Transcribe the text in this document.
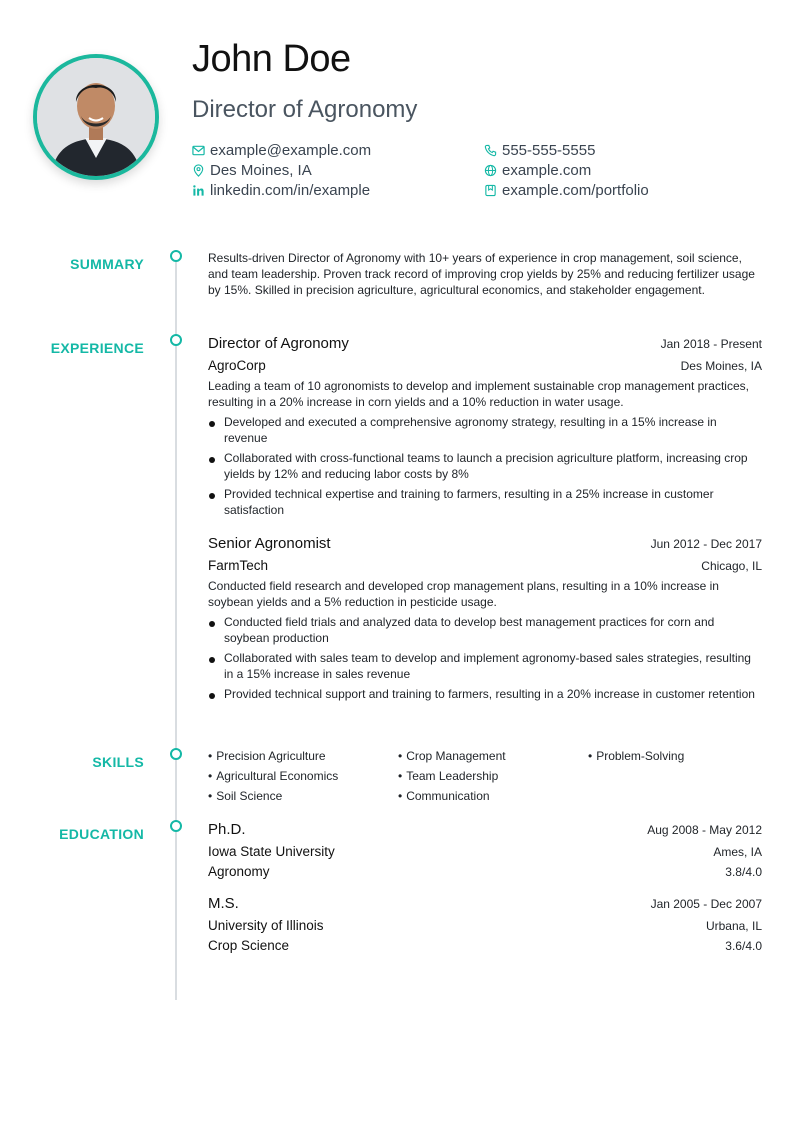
John Doe
Director of Agronomy
example@example.com	555-555-5555
Des Moines, IA	example.com
linkedin.com/in/example	example.com/portfolio
SUMMARY	Results-driven Director of Agronomy with 10+ years of experience in crop management, soil science, and team leadership. Proven track record of improving crop yields by 25% and reducing fertilizer usage by 15%. Skilled in precision agriculture, agricultural economics, and stakeholder engagement.

EXPERIENCE	Director of Agronomy	Jan 2018 - Present
AgroCorp	Des Moines, IA

Leading a team of 10 agronomists to develop and implement sustainable crop management practices, resulting in a 20% increase in corn yields and a 10% reduction in water usage.

Developed and executed a comprehensive agronomy strategy, resulting in a 15% increase in revenue
Collaborated with cross-functional teams to launch a precision agriculture platform, increasing crop yields by 12% and reducing labor costs by 8%
Provided technical expertise and training to farmers, resulting in a 25% increase in customer satisfaction
Senior Agronomist	Jun 2012 - Dec 2017
FarmTech	Chicago, IL

Conducted field research and developed crop management plans, resulting in a 10% increase in soybean yields and a 5% reduction in pesticide usage.

Conducted field trials and analyzed data to develop best management practices for corn and soybean production
Collaborated with sales team to develop and implement agronomy-based sales strategies, resulting in a 15% increase in sales revenue
Provided technical support and training to farmers, resulting in a 20% increase in customer retention
SKILLS	• Precision Agriculture	• Crop Management	• Problem-Solving
• Agricultural Economics	• Team Leadership
• Soil Science	• Communication
EDUCATION	Ph.D.	Aug 2008 - May 2012
Iowa State University	Ames, IA
Agronomy	3.8/4.0
M.S.	Jan 2005 - Dec 2007
University of Illinois	Urbana, IL
Crop Science	3.6/4.0
